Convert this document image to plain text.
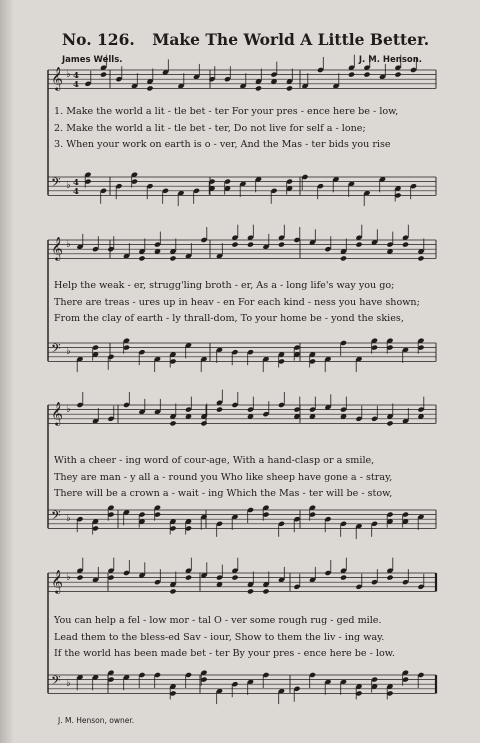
No. 126. Make The World A Little Better.
James Wells.	J. M. Henson.
𝄞 ♭ 4
4
𝄢 ♭ 4
4
𝄞 ♭
𝄢 ♭
𝄞 ♭
𝄢 ♭
𝄞 ♭
𝄢 ♭
1. Make the world a lit - tle bet - ter For your pres - ence here be - low,
2. Make the world a lit - tle bet - ter, Do not live for self a - lone;
3. When your work on earth is o - ver, And the Mas - ter bids you rise
Help the weak - er, strugg'ling broth - er, As a - long life's way you go;
There are treas - ures up in heav - en For each kind - ness you have shown;
From the clay of earth - ly thrall-dom, To your home be - yond the skies,
With a cheer - ing word of cour-age, With a hand-clasp or a smile,
They are man - y all a - round you Who like sheep have gone a - stray,
There will be a crown a - wait - ing Which the Mas - ter will be - stow,
You can help a fel - low mor - tal O - ver some rough rug - ged mile.
Lead them to the bless-ed Sav - iour, Show to them the liv - ing way.
If the world has been made bet - ter By your pres - ence here be - low.
J. M. Henson, owner.
